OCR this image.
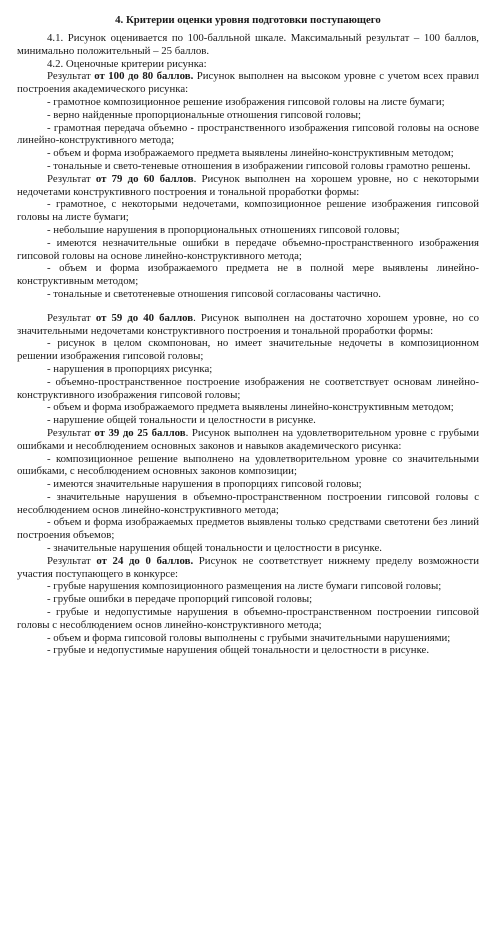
4. Критерии оценки уровня подготовки поступающего

4.1. Рисунок оценивается по 100-балльной шкале. Максимальный результат – 100 баллов, минимально положительный – 25 баллов.

4.2. Оценочные критерии рисунка:

Результат от 100 до 80 баллов. Рисунок выполнен на высоком уровне с учетом всех правил построения академического рисунка:

- грамотное композиционное решение изображения гипсовой головы на листе бумаги;

- верно найденные пропорциональные отношения гипсовой головы;

- грамотная передача объемно - пространственного изображения гипсовой головы на основе линейно-конструктивного метода;

- объем и форма изображаемого предмета выявлены линейно-конструктивным методом;

- тональные и свето-теневые отношения в изображении гипсовой головы грамотно решены.

Результат от 79 до 60 баллов. Рисунок выполнен на хорошем уровне, но с некоторыми недочетами конструктивного построения и тональной проработки формы:

- грамотное, с некоторыми недочетами, композиционное решение изображения гипсовой головы на листе бумаги;

- небольшие нарушения в пропорциональных отношениях гипсовой головы;

- имеются незначительные ошибки в передаче объемно-пространственного изображения гипсовой головы на основе линейно-конструктивного метода;

- объем и форма изображаемого предмета не в полной мере выявлены линейно-конструктивным методом;

- тональные и светотеневые отношения гипсовой согласованы частично.

Результат от 59 до 40 баллов. Рисунок выполнен на достаточно хорошем уровне, но со значительными недочетами конструктивного построения и тональной проработки формы:

- рисунок в целом скомпонован, но имеет значительные недочеты в композиционном решении изображения гипсовой головы;

- нарушения в пропорциях рисунка;

- объемно-пространственное построение изображения не соответствует основам линейно-конструктивного изображения гипсовой головы;

- объем и форма изображаемого предмета выявлены линейно-конструктивным методом;

- нарушение общей тональности и целостности в рисунке.

Результат от 39 до 25 баллов. Рисунок выполнен на удовлетворительном уровне с грубыми ошибками и несоблюдением основных законов и навыков академического рисунка:

- композиционное решение выполнено на удовлетворительном уровне со значительными ошибками, с несоблюдением основных законов композиции;

- имеются значительные нарушения в пропорциях гипсовой головы;

- значительные нарушения в объемно-пространственном построении гипсовой головы с несоблюдением основ линейно-конструктивного метода;

- объем и форма изображаемых предметов выявлены только средствами светотени без линий построения объемов;

- значительные нарушения общей тональности и целостности в рисунке.

Результат от 24 до 0 баллов. Рисунок не соответствует нижнему пределу возможности участия поступающего в конкурсе:

- грубые нарушения композиционного размещения на листе бумаги гипсовой головы;

- грубые ошибки в передаче пропорций гипсовой головы;

- грубые и недопустимые нарушения в объемно-пространственном построении гипсовой головы с несоблюдением основ линейно-конструктивного метода;

- объем и форма гипсовой головы выполнены с грубыми значительными нарушениями;

- грубые и недопустимые нарушения общей тональности и целостности в рисунке.
